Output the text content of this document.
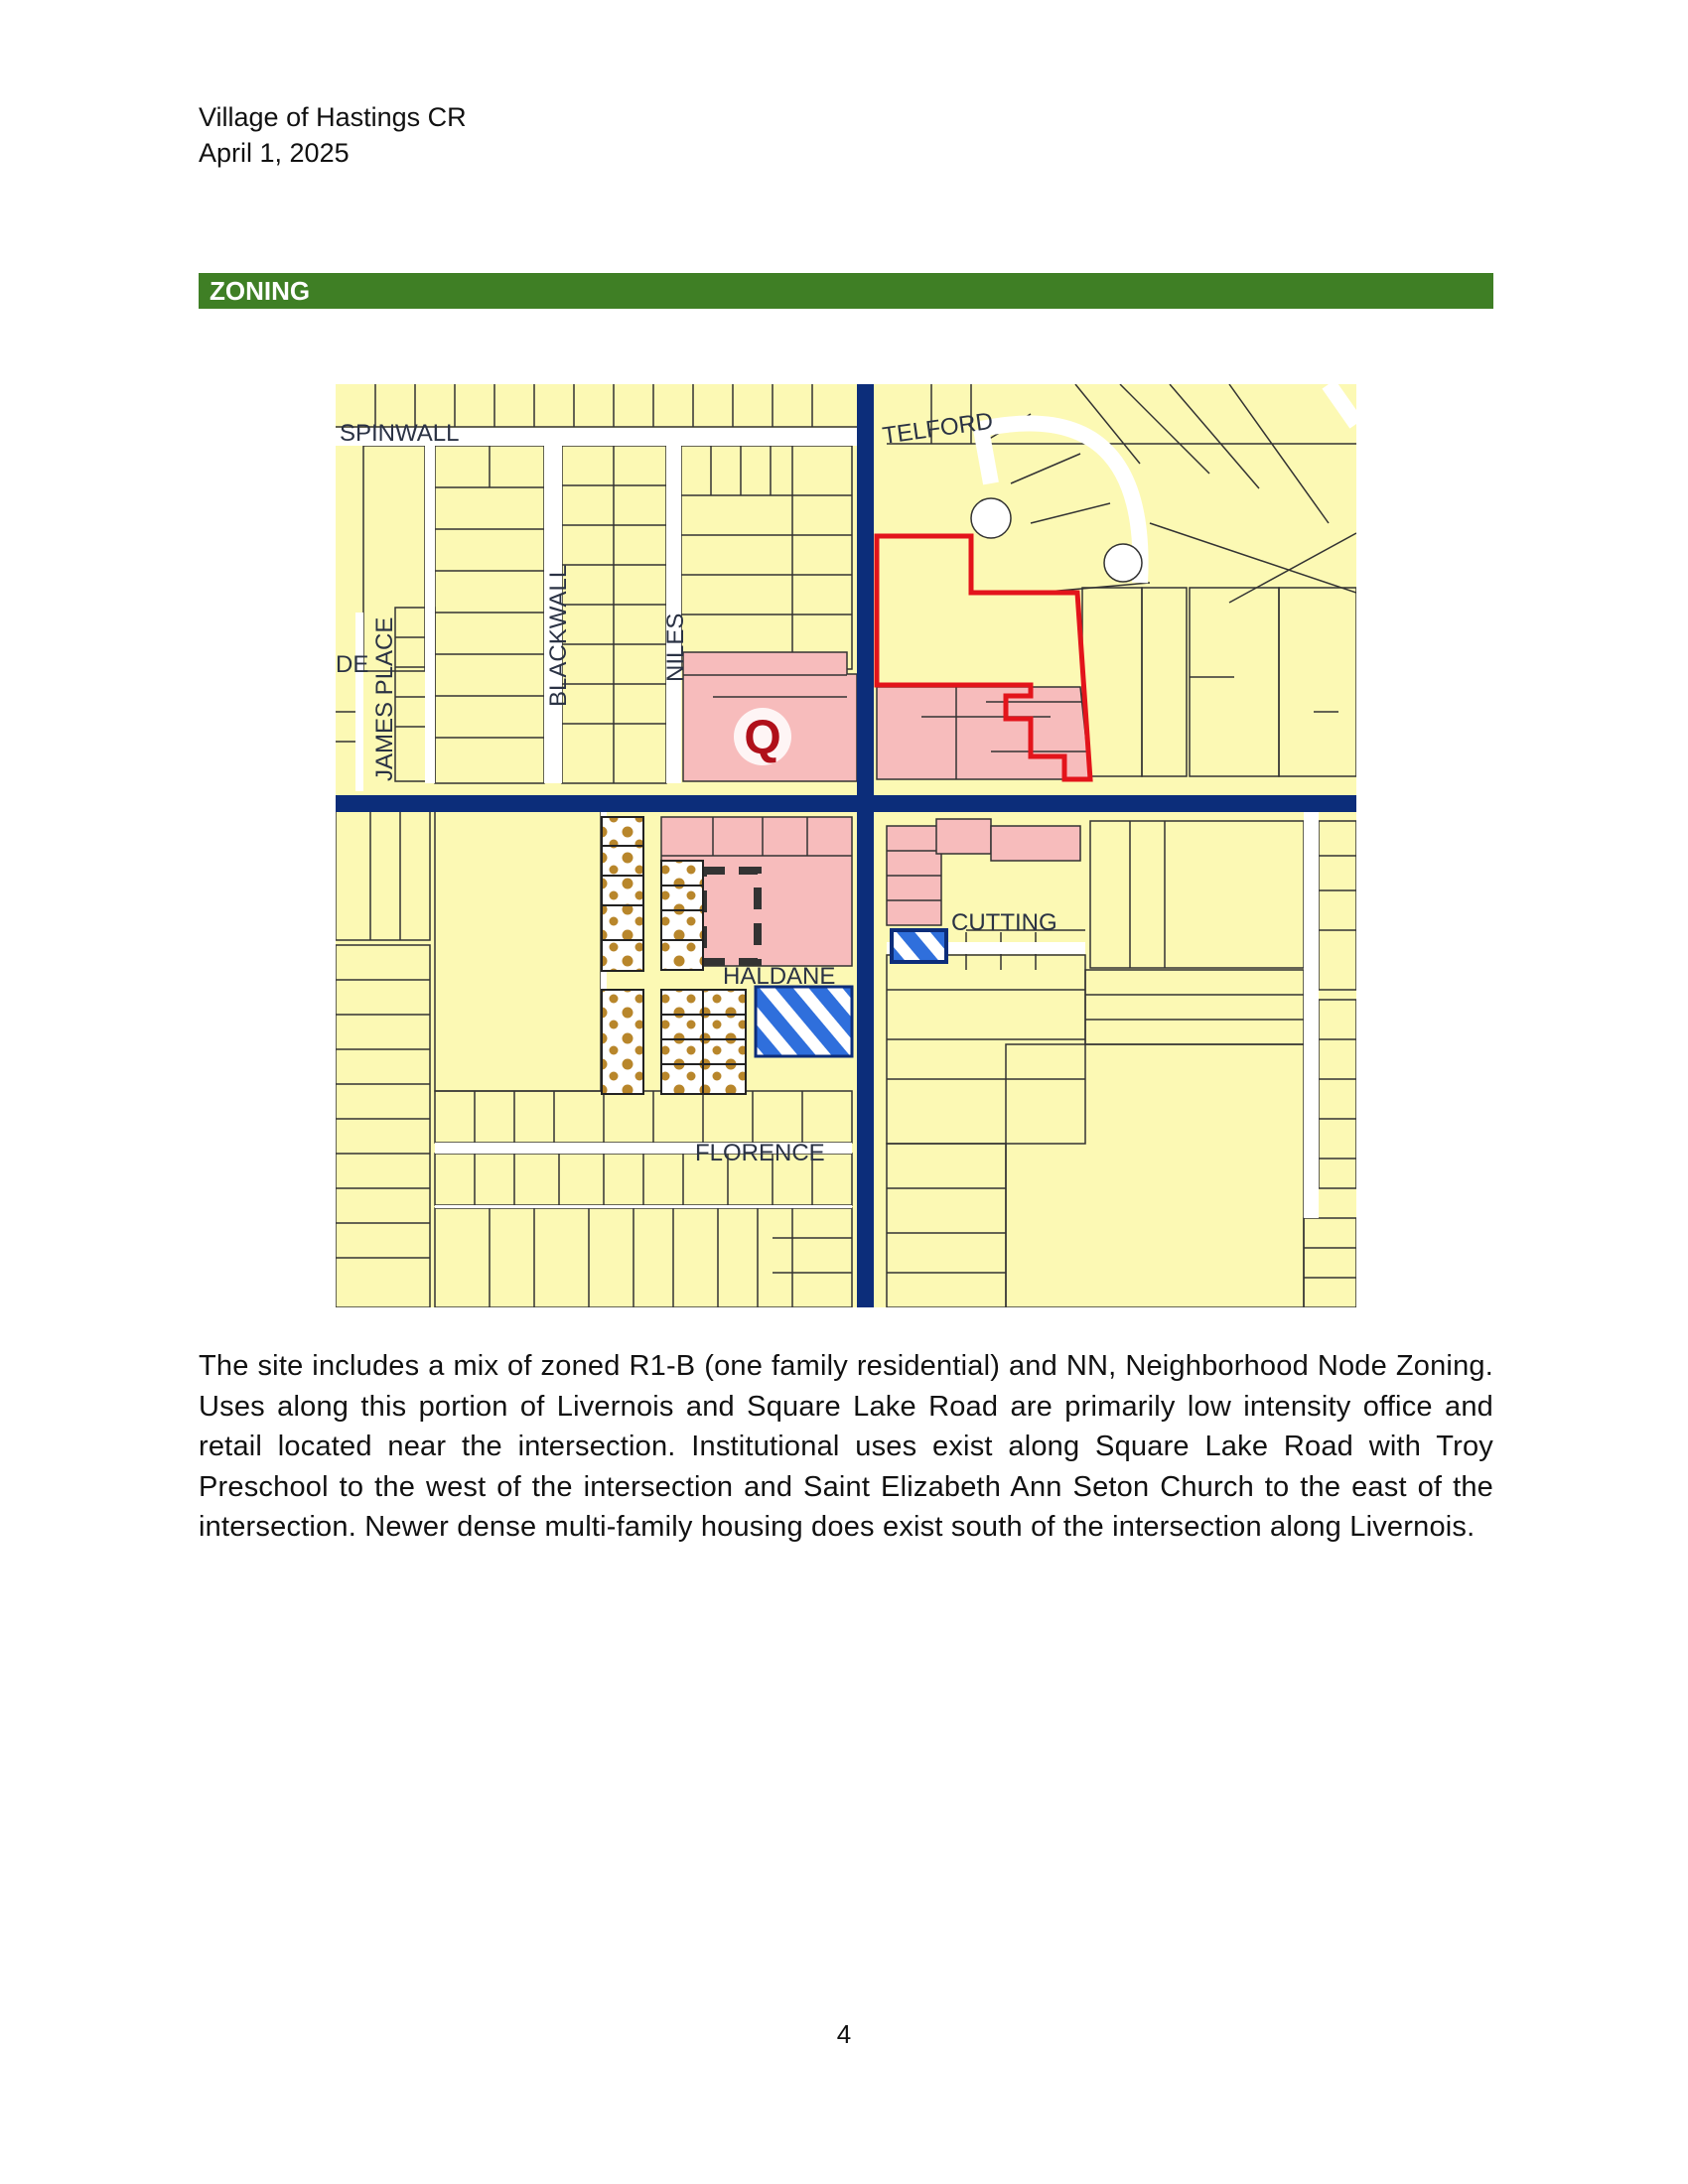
Village of Hastings CR
April 1, 2025
ZONING
Q
SPINWALL	TELFORD
DE JAMES PLACE	BLACKWALL	NILES
CUTTING
HALDANE
FLORENCE
The site includes a mix of zoned R1-B (one family residential) and NN, Neighborhood Node Zoning. Uses along this portion of Livernois and Square Lake Road are primarily low intensity office and retail located near the intersection. Institutional uses exist along Square Lake Road with Troy Preschool to the west of the intersection and Saint Elizabeth Ann Seton Church to the east of the intersection. Newer dense multi-family housing does exist south of the intersection along Livernois.
4
